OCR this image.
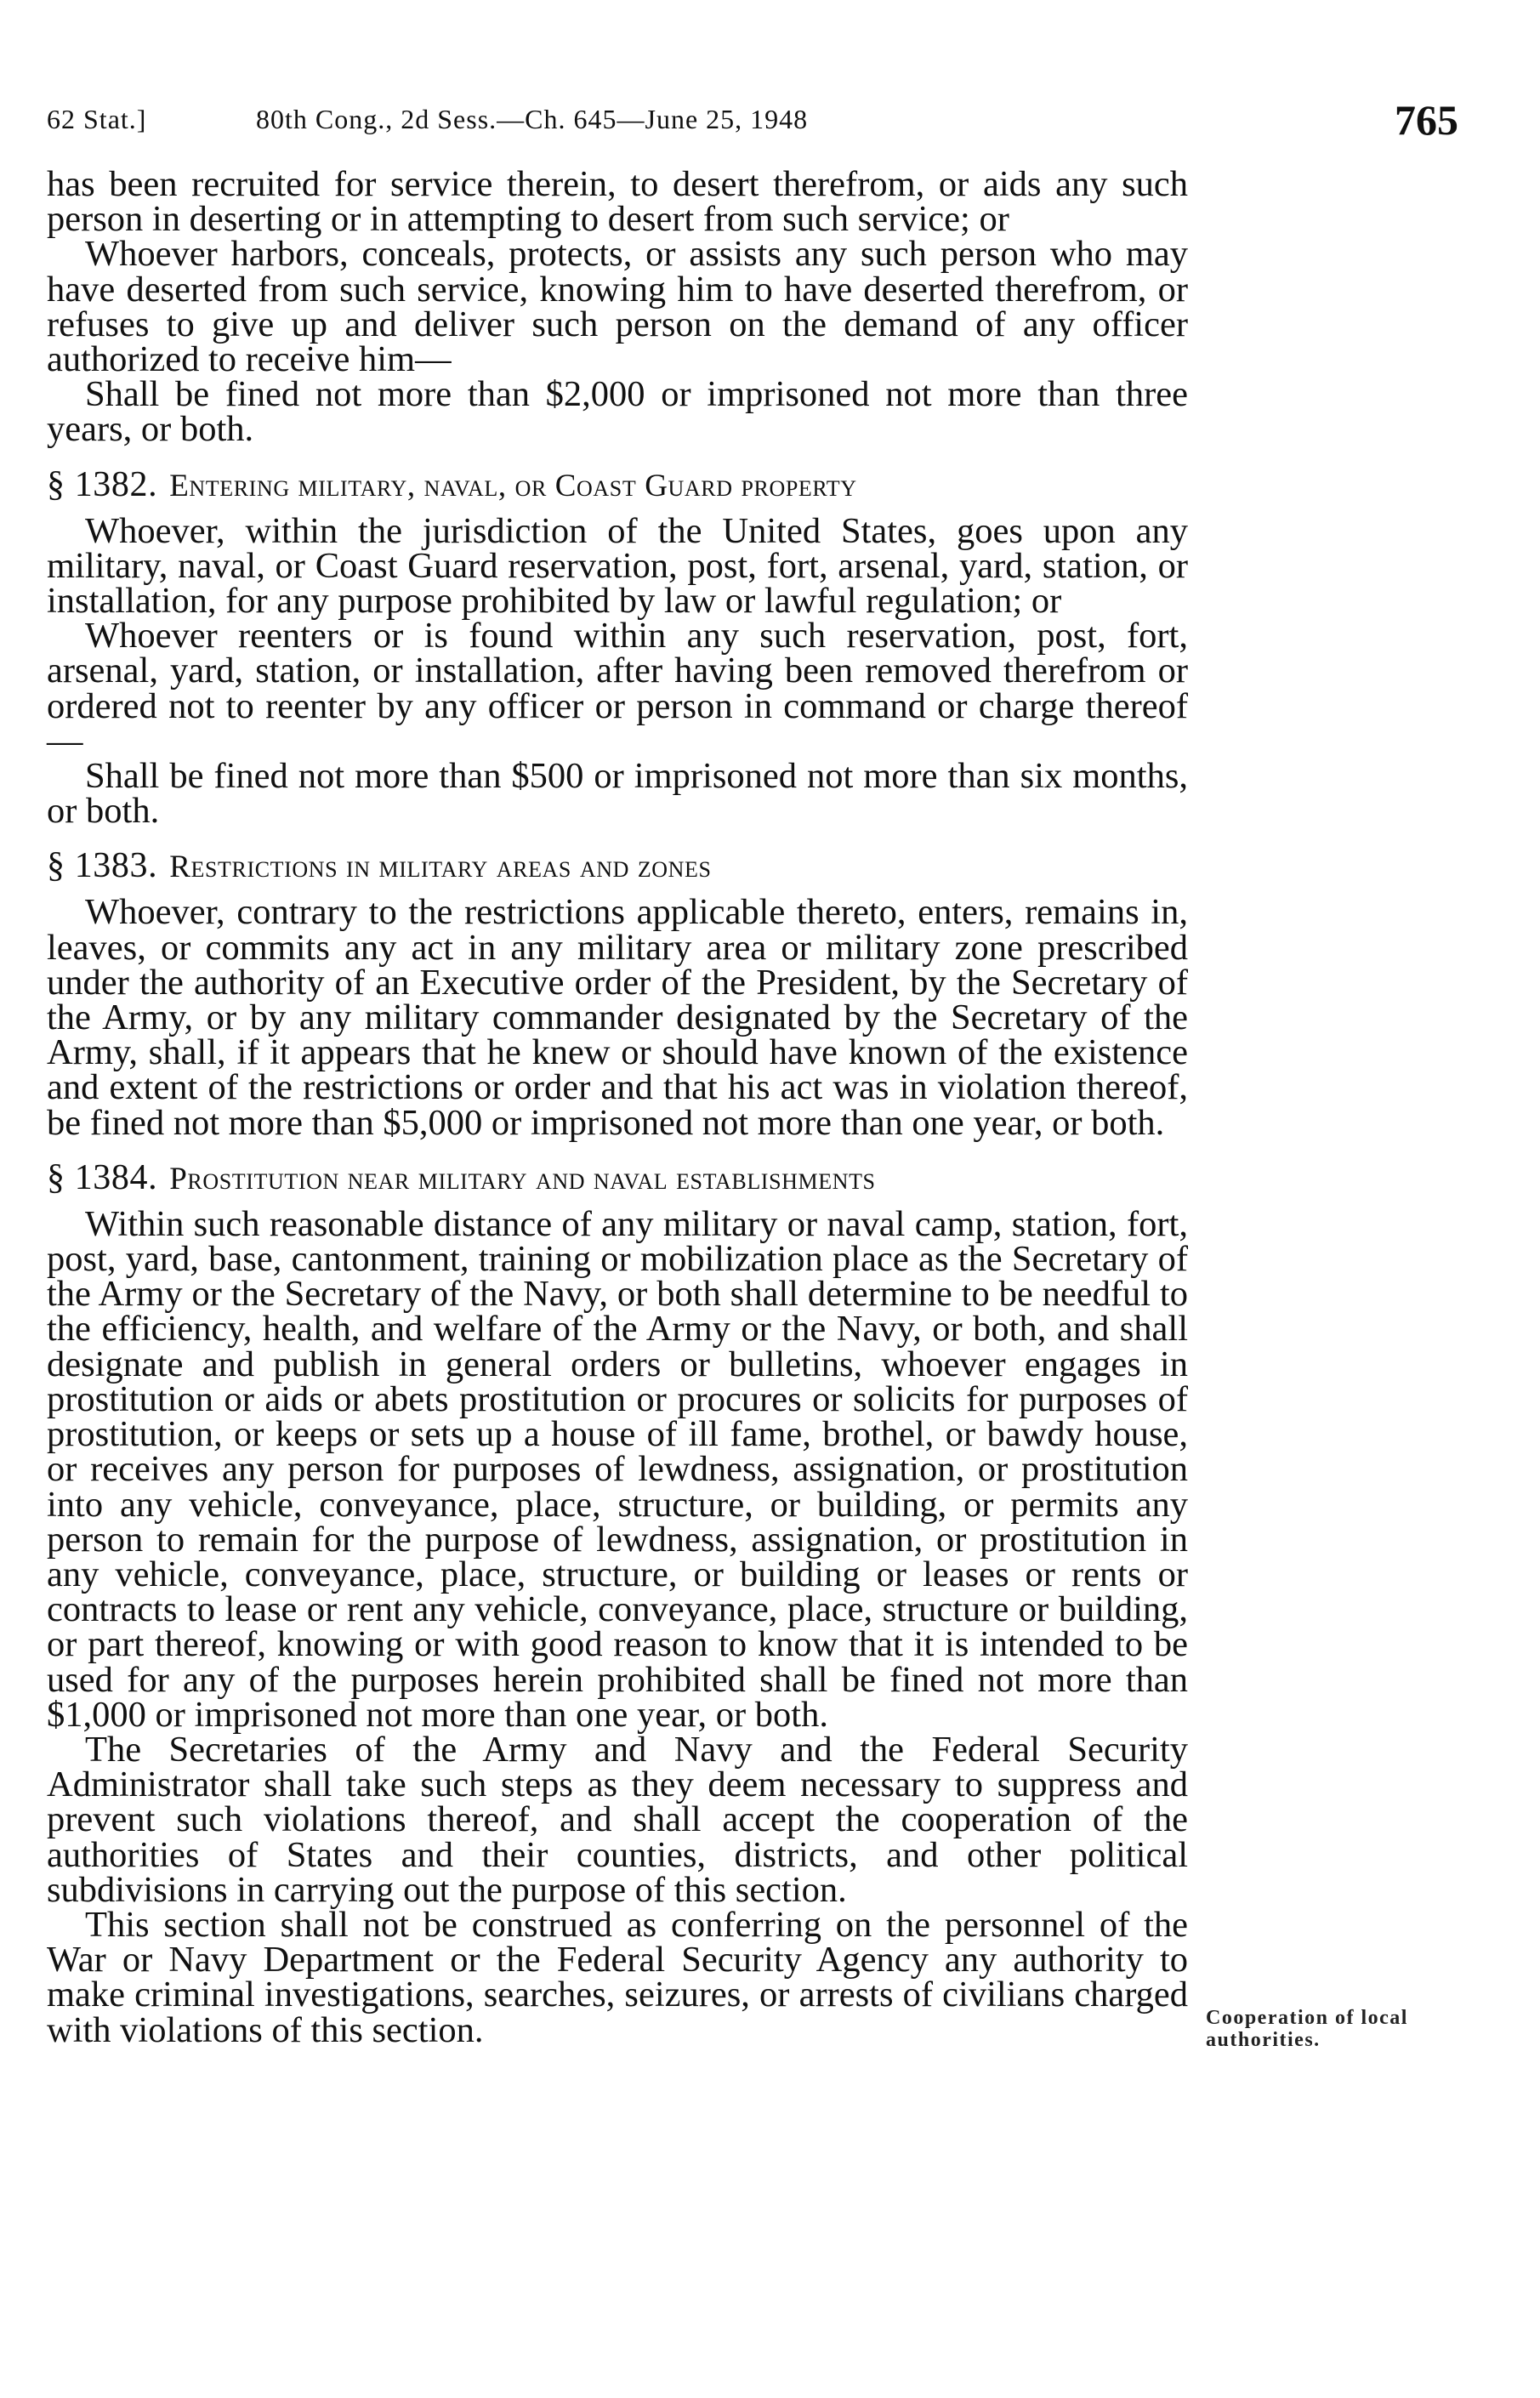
62 Stat.]	80th Cong., 2d Sess.—Ch. 645—June 25, 1948	765

has been recruited for service therein, to desert therefrom, or aids any such person in deserting or in attempting to desert from such service; or

Whoever harbors, conceals, protects, or assists any such person who may have deserted from such service, knowing him to have deserted therefrom, or refuses to give up and deliver such person on the demand of any officer authorized to receive him—

Shall be fined not more than $2,000 or imprisoned not more than three years, or both.

§ 1382. Entering military, naval, or Coast Guard property

Whoever, within the jurisdiction of the United States, goes upon any military, naval, or Coast Guard reservation, post, fort, arsenal, yard, station, or installation, for any purpose prohibited by law or lawful regulation; or

Whoever reenters or is found within any such reservation, post, fort, arsenal, yard, station, or installation, after having been removed therefrom or ordered not to reenter by any officer or person in command or charge thereof—

Shall be fined not more than $500 or imprisoned not more than six months, or both.

§ 1383. Restrictions in military areas and zones

Whoever, contrary to the restrictions applicable thereto, enters, remains in, leaves, or commits any act in any military area or military zone prescribed under the authority of an Executive order of the President, by the Secretary of the Army, or by any military commander designated by the Secretary of the Army, shall, if it appears that he knew or should have known of the existence and extent of the restrictions or order and that his act was in violation thereof, be fined not more than $5,000 or imprisoned not more than one year, or both.

§ 1384. Prostitution near military and naval establishments

Within such reasonable distance of any military or naval camp, station, fort, post, yard, base, cantonment, training or mobilization place as the Secretary of the Army or the Secretary of the Navy, or both shall determine to be needful to the efficiency, health, and welfare of the Army or the Navy, or both, and shall designate and publish in general orders or bulletins, whoever engages in prostitution or aids or abets prostitution or procures or solicits for purposes of prostitution, or keeps or sets up a house of ill fame, brothel, or bawdy house, or receives any person for purposes of lewdness, assignation, or prostitution into any vehicle, conveyance, place, structure, or building, or permits any person to remain for the purpose of lewdness, assignation, or prostitution in any vehicle, conveyance, place, structure, or building or leases or rents or contracts to lease or rent any vehicle, conveyance, place, structure or building, or part thereof, knowing or with good reason to know that it is intended to be used for any of the purposes herein prohibited shall be fined not more than $1,000 or imprisoned not more than one year, or both.

The Secretaries of the Army and Navy and the Federal Security Administrator shall take such steps as they deem necessary to suppress and prevent such violations thereof, and shall accept the cooperation of the authorities of States and their counties, districts, and other political subdivisions in carrying out the purpose of this section.

This section shall not be construed as conferring on the personnel of the War or Navy Department or the Federal Security Agency any authority to make criminal investigations, searches, seizures, or arrests of civilians charged with violations of this section.	Cooperation of local authorities.
